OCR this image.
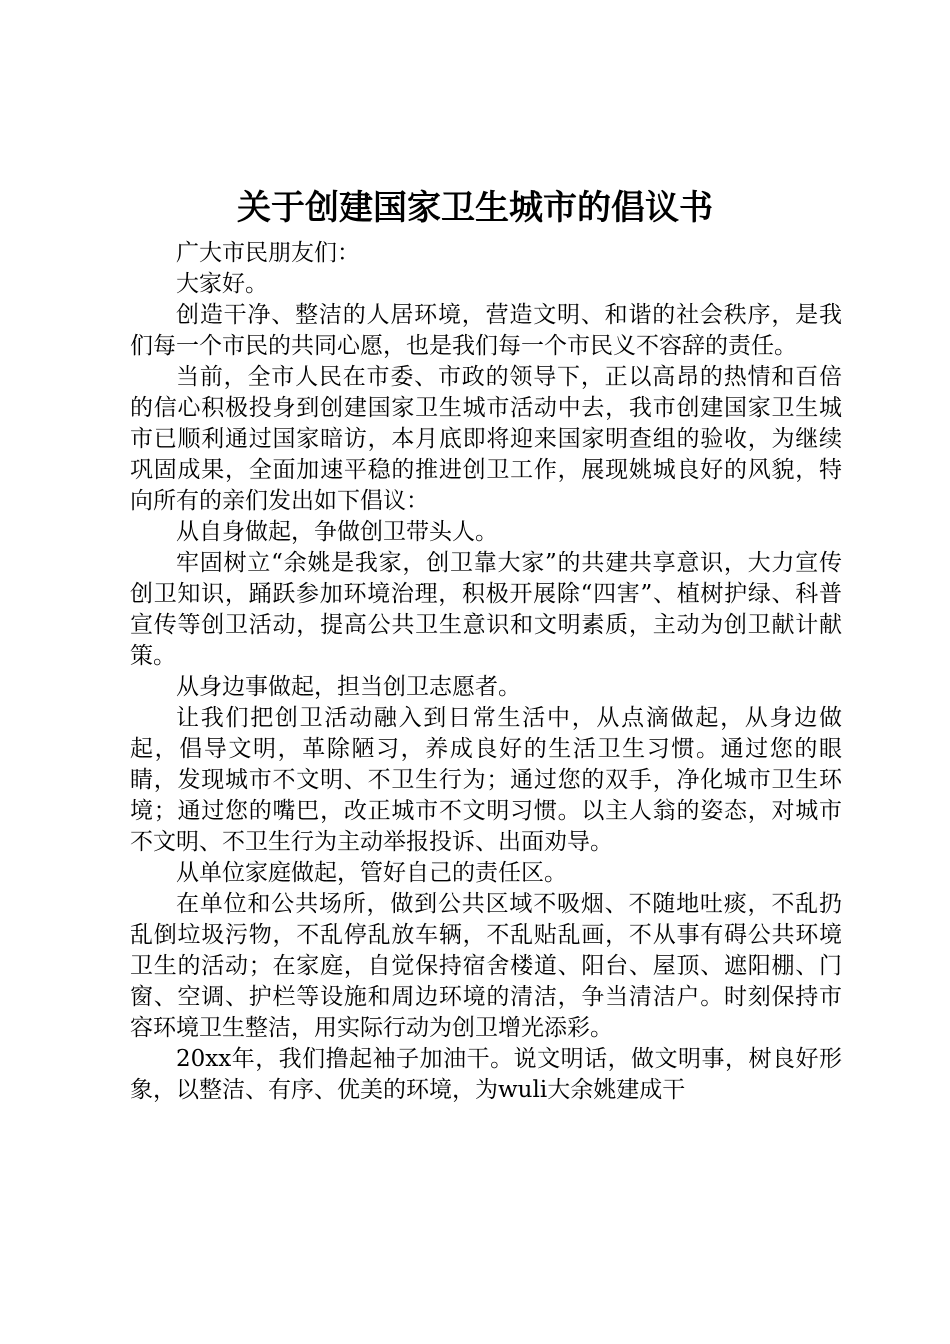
关于创建国家卫生城市的倡议书

广大市民朋友们：

大家好。

创造干净、整洁的人居环境，营造文明、和谐的社会秩序，是我们每一个市民的共同心愿，也是我们每一个市民义不容辞的责任。

当前，全市人民在市委、市政的领导下，正以高昂的热情和百倍的信心积极投身到创建国家卫生城市活动中去，我市创建国家卫生城市已顺利通过国家暗访，本月底即将迎来国家明查组的验收，为继续巩固成果，全面加速平稳的推进创卫工作，展现姚城良好的风貌，特向所有的亲们发出如下倡议：

从自身做起，争做创卫带头人。

牢固树立“余姚是我家，创卫靠大家”的共建共享意识，大力宣传创卫知识，踊跃参加环境治理，积极开展除“四害”、植树护绿、科普宣传等创卫活动，提高公共卫生意识和文明素质，主动为创卫献计献策。

从身边事做起，担当创卫志愿者。

让我们把创卫活动融入到日常生活中，从点滴做起，从身边做起，倡导文明，革除陋习，养成良好的生活卫生习惯。通过您的眼睛，发现城市不文明、不卫生行为；通过您的双手，净化城市卫生环境；通过您的嘴巴，改正城市不文明习惯。以主人翁的姿态，对城市不文明、不卫生行为主动举报投诉、出面劝导。

从单位家庭做起，管好自己的责任区。

在单位和公共场所，做到公共区域不吸烟、不随地吐痰，不乱扔乱倒垃圾污物，不乱停乱放车辆，不乱贴乱画，不从事有碍公共环境卫生的活动；在家庭，自觉保持宿舍楼道、阳台、屋顶、遮阳棚、门窗、空调、护栏等设施和周边环境的清洁，争当清洁户。时刻保持市容环境卫生整洁，用实际行动为创卫增光添彩。

20xx年，我们撸起袖子加油干。说文明话，做文明事，树良好形象，以整洁、有序、优美的环境，为wuli大余姚建成干
